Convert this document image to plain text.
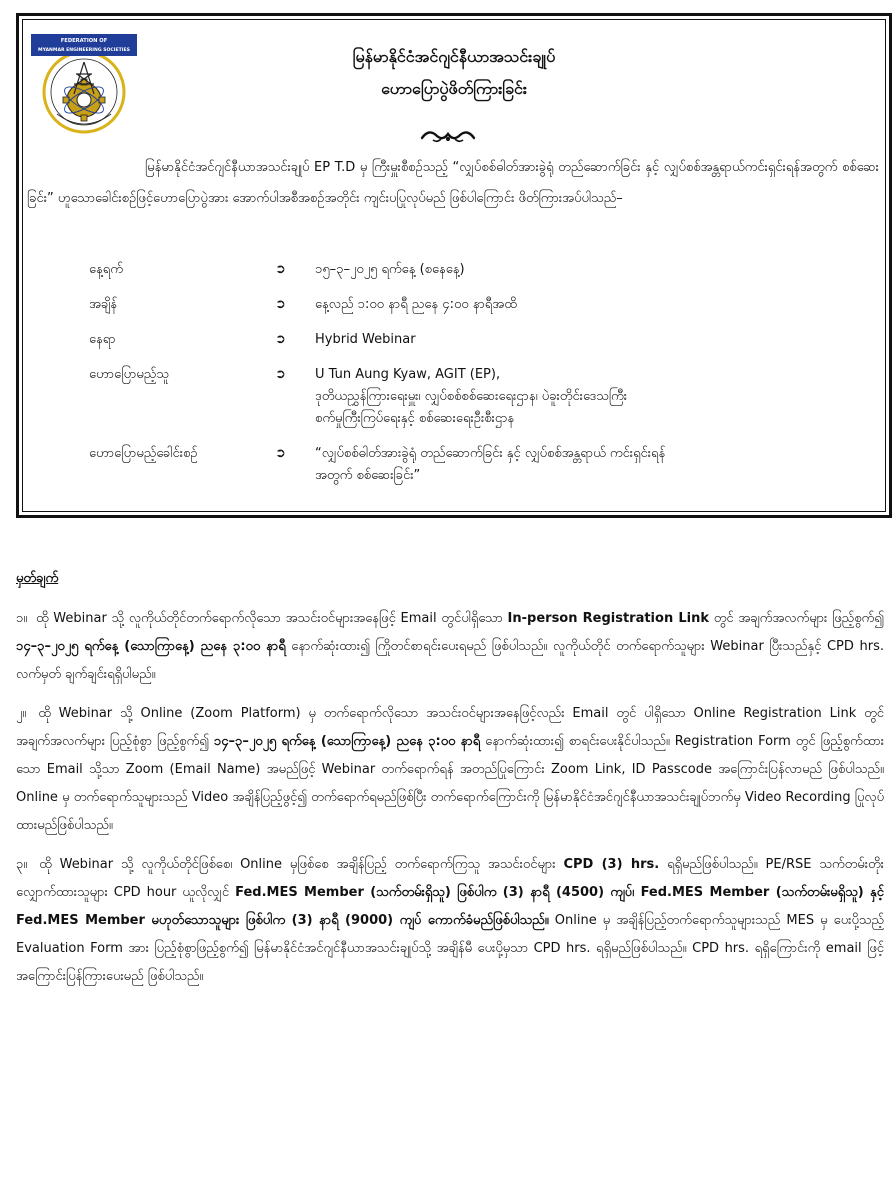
FEDERATION OF
MYANMAR ENGINEERING SOCIETIES	မြန်မာနိုင်ငံအင်ဂျင်နီယာအသင်းချုပ်
ဟောပြောပွဲဖိတ်ကြားခြင်း
မြန်မာနိုင်ငံအင်ဂျင်နီယာအသင်းချုပ် EP T.D မှ ကြီးမှူးစီစဉ်သည့် “လျှပ်စစ်ဓါတ်အားခွဲရုံ တည်ဆောက်ခြင်း နှင့် လျှပ်စစ်အန္တရာယ်ကင်းရှင်းရန်အတွက် စစ်ဆေးခြင်း” ဟူသောခေါင်းစဉ်ဖြင့်ဟောပြောပွဲအား အောက်ပါအစီအစဉ်အတိုင်း ကျင်းပပြုလုပ်မည် ဖြစ်ပါကြောင်း ဖိတ်ကြားအပ်ပါသည်–
နေ့ရက်	➲	၁၅–၃–၂၀၂၅ ရက်နေ့ (စနေနေ့)
အချိန်	➲	နေ့လည် ၁:၀၀ နာရီ ညနေ ၄:၀၀ နာရီအထိ
နေရာ	➲	Hybrid Webinar
ဟောပြောမည့်သူ	➲	U Tun Aung Kyaw, AGIT (EP),
ဒုတိယညွှန်ကြားရေးမှူး၊ လျှပ်စစ်စစ်ဆေးရေးဌာန၊ ပဲခူးတိုင်းဒေသကြီး
စက်မှုကြီးကြပ်ရေးနှင့် စစ်ဆေးရေးဦးစီးဌာန

ဟောပြောမည့်ခေါင်းစဉ်	➲	“လျှပ်စစ်ဓါတ်အားခွဲရုံ တည်ဆောက်ခြင်း နှင့် လျှပ်စစ်အန္တရာယ် ကင်းရှင်းရန်
အတွက် စစ်ဆေးခြင်း”
မှတ်ချက်

၁။ ထို Webinar သို့ လူကိုယ်တိုင်တက်ရောက်လိုသော အသင်းဝင်များအနေဖြင့် Email တွင်ပါရှိသော In-person Registration Link တွင် အချက်အလက်များ ဖြည့်စွက်၍ ၁၄–၃–၂၀၂၅ ရက်နေ့ (သောကြာနေ့) ညနေ ၃:၀၀ နာရီ နောက်ဆုံးထား၍ ကြိုတင်စာရင်းပေးရမည် ဖြစ်ပါသည်။ လူကိုယ်တိုင် တက်ရောက်သူများ Webinar ပြီးသည်နှင့် CPD hrs. လက်မှတ် ချက်ချင်းရရှိပါမည်။

၂။ ထို Webinar သို့ Online (Zoom Platform) မှ တက်ရောက်လိုသော အသင်းဝင်များအနေဖြင့်လည်း Email တွင် ပါရှိသော Online Registration Link တွင် အချက်အလက်များ ပြည့်စုံစွာ ဖြည့်စွက်၍ ၁၄–၃–၂၀၂၅ ရက်နေ့ (သောကြာနေ့) ညနေ ၃:၀၀ နာရီ နောက်ဆုံးထား၍ စာရင်းပေးနိုင်ပါသည်။ Registration Form တွင် ဖြည့်စွက်ထားသော Email သို့သာ Zoom (Email Name) အမည်ဖြင့် Webinar တက်ရောက်ရန် အတည်ပြုကြောင်း Zoom Link, ID Passcode အကြောင်းပြန်လာမည် ဖြစ်ပါသည်။ Online မှ တက်ရောက်သူများသည် Video အချိန်ပြည့်ဖွင့်၍ တက်ရောက်ရမည်ဖြစ်ပြီး တက်ရောက်ကြောင်းကို မြန်မာနိုင်ငံအင်ဂျင်နီယာအသင်းချုပ်ဘက်မှ Video Recording ပြုလုပ်ထားမည်ဖြစ်ပါသည်။

၃။ ထို Webinar သို့ လူကိုယ်တိုင်ဖြစ်စေ၊ Online မှဖြစ်စေ အချိန်ပြည့် တက်ရောက်ကြသူ အသင်းဝင်များ CPD (3) hrs. ရရှိမည်ဖြစ်ပါသည်။ PE/RSE သက်တမ်းတိုးလျှောက်ထားသူများ CPD hour ယူလိုလျှင် Fed.MES Member (သက်တမ်းရှိသူ) ဖြစ်ပါက (3) နာရီ (4500) ကျပ်၊ Fed.MES Member (သက်တမ်းမရှိသူ) နှင့် Fed.MES Member မဟုတ်သောသူများ ဖြစ်ပါက (3) နာရီ (9000) ကျပ် ကောက်ခံမည်ဖြစ်ပါသည်။ Online မှ အချိန်ပြည့်တက်ရောက်သူများသည် MES မှ ပေးပို့သည့် Evaluation Form အား ပြည့်စုံစွာဖြည့်စွက်၍ မြန်မာနိုင်ငံအင်ဂျင်နီယာအသင်းချုပ်သို့ အချိန်မီ ပေးပို့မှသာ CPD hrs. ရရှိမည်ဖြစ်ပါသည်။ CPD hrs. ရရှိကြောင်းကို email ဖြင့် အကြောင်းပြန်ကြားပေးမည် ဖြစ်ပါသည်။
